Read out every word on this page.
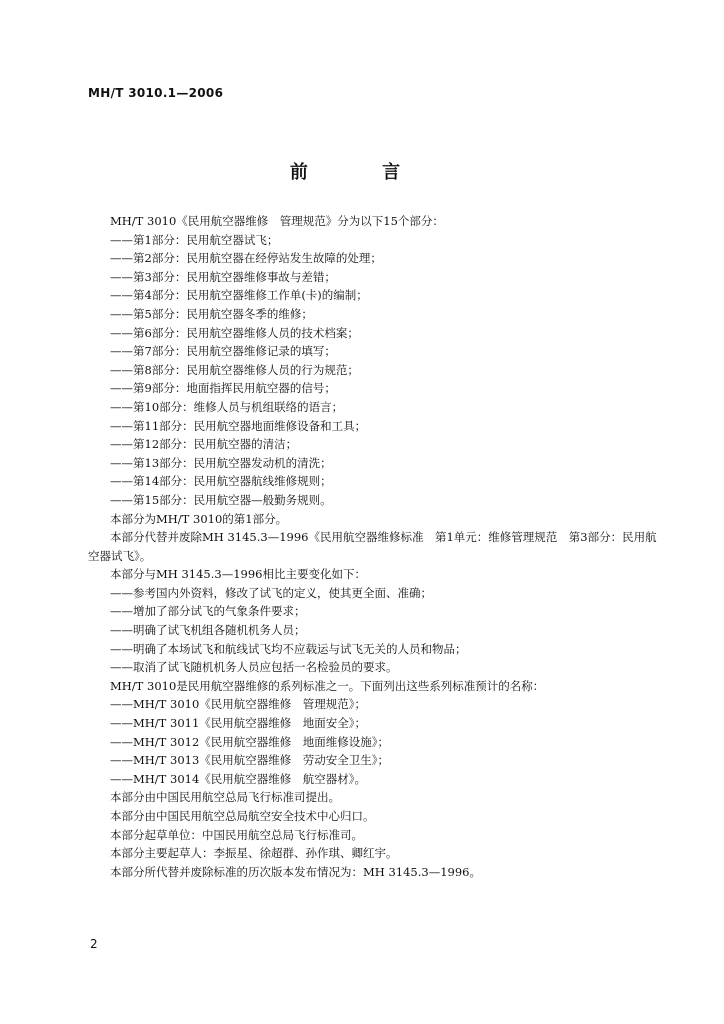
MH/T 3010.1—2006
前 言
MH/T 3010《民用航空器维修　管理规范》分为以下15个部分：
——第1部分：民用航空器试飞；
——第2部分：民用航空器在经停站发生故障的处理；
——第3部分：民用航空器维修事故与差错；
——第4部分：民用航空器维修工作单(卡)的编制；
——第5部分：民用航空器冬季的维修；
——第6部分：民用航空器维修人员的技术档案；
——第7部分：民用航空器维修记录的填写；
——第8部分：民用航空器维修人员的行为规范；
——第9部分：地面指挥民用航空器的信号；
——第10部分：维修人员与机组联络的语言；
——第11部分：民用航空器地面维修设备和工具；
——第12部分：民用航空器的清洁；
——第13部分：民用航空器发动机的清洗；
——第14部分：民用航空器航线维修规则；
——第15部分：民用航空器—般勤务规则。
本部分为MH/T 3010的第1部分。
本部分代替并废除MH 3145.3—1996《民用航空器维修标准　第1单元：维修管理规范　第3部分：民用航空器试飞》。
本部分与MH 3145.3—1996相比主要变化如下：
——参考国内外资料，修改了试飞的定义，使其更全面、准确；
——增加了部分试飞的气象条件要求；
——明确了试飞机组各随机机务人员；
——明确了本场试飞和航线试飞均不应载运与试飞无关的人员和物品；
——取消了试飞随机机务人员应包括一名检验员的要求。
MH/T 3010是民用航空器维修的系列标准之一。下面列出这些系列标准预计的名称：
——MH/T 3010《民用航空器维修　管理规范》；
——MH/T 3011《民用航空器维修　地面安全》；
——MH/T 3012《民用航空器维修　地面维修设施》；
——MH/T 3013《民用航空器维修　劳动安全卫生》；
——MH/T 3014《民用航空器维修　航空器材》。
本部分由中国民用航空总局飞行标准司提出。
本部分由中国民用航空总局航空安全技术中心归口。
本部分起草单位：中国民用航空总局飞行标准司。
本部分主要起草人：李振星、徐超群、孙作琪、卿红宇。
本部分所代替并废除标准的历次版本发布情况为：MH 3145.3—1996。
2
